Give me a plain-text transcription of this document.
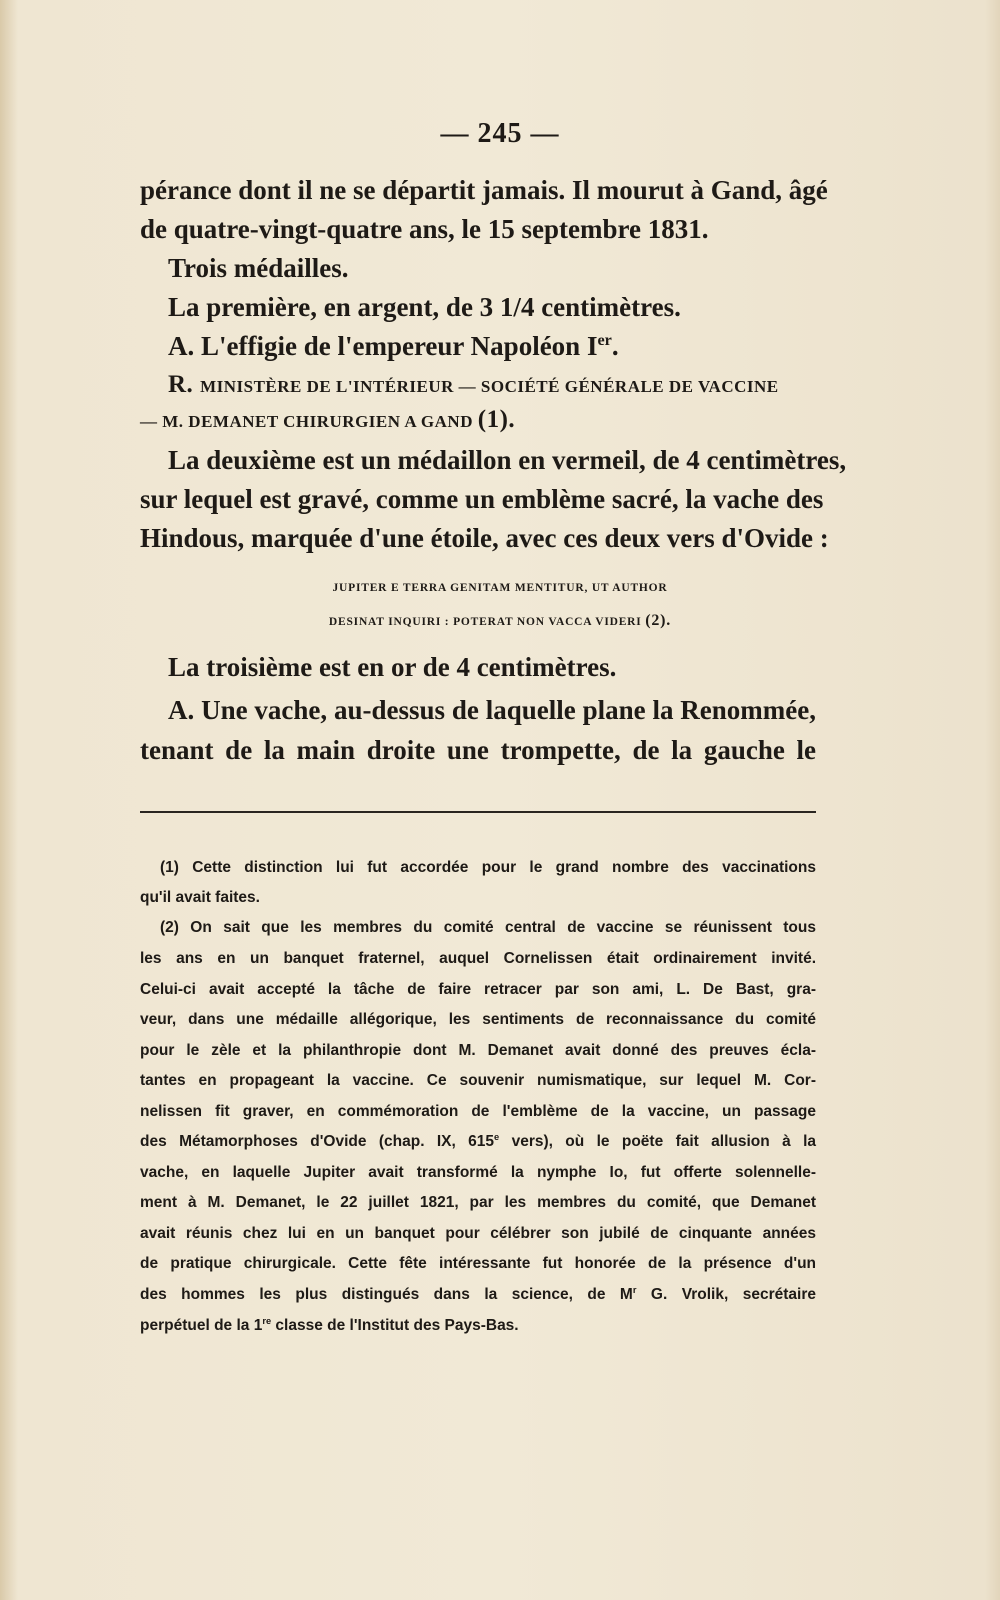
— 245 —
pérance dont il ne se départit jamais. Il mourut à Gand, âgé
de quatre-vingt-quatre ans, le 15 septembre 1831.
Trois médailles.
La première, en argent, de 3 1/4 centimètres.
A. L'effigie de l'empereur Napoléon Ier.
R. MINISTÈRE DE L'INTÉRIEUR — SOCIÉTÉ GÉNÉRALE DE VACCINE
— M. DEMANET CHIRURGIEN A GAND (1).
La deuxième est un médaillon en vermeil, de 4 centimètres,
sur lequel est gravé, comme un emblème sacré, la vache des
Hindous, marquée d'une étoile, avec ces deux vers d'Ovide :
JUPITER E TERRA GENITAM MENTITUR, UT AUTHOR
DESINAT INQUIRI : POTERAT NON VACCA VIDERI (2).
La troisième est en or de 4 centimètres.
A. Une vache, au-dessus de laquelle plane la Renommée,
tenant de la main droite une trompette, de la gauche le
(1) Cette distinction lui fut accordée pour le grand nombre des vaccinations
qu'il avait faites.
(2) On sait que les membres du comité central de vaccine se réunissent tous
les ans en un banquet fraternel, auquel Cornelissen était ordinairement invité.
Celui-ci avait accepté la tâche de faire retracer par son ami, L. De Bast, gra-
veur, dans une médaille allégorique, les sentiments de reconnaissance du comité
pour le zèle et la philanthropie dont M. Demanet avait donné des preuves écla-
tantes en propageant la vaccine. Ce souvenir numismatique, sur lequel M. Cor-
nelissen fit graver, en commémoration de l'emblème de la vaccine, un passage
des Métamorphoses d'Ovide (chap. IX, 615e vers), où le poëte fait allusion à la
vache, en laquelle Jupiter avait transformé la nymphe Io, fut offerte solennelle-
ment à M. Demanet, le 22 juillet 1821, par les membres du comité, que Demanet
avait réunis chez lui en un banquet pour célébrer son jubilé de cinquante années
de pratique chirurgicale. Cette fête intéressante fut honorée de la présence d'un
des hommes les plus distingués dans la science, de $M^r$ G. Vrolik, secrétaire
perpétuel de la 1re classe de l'Institut des Pays-Bas.
